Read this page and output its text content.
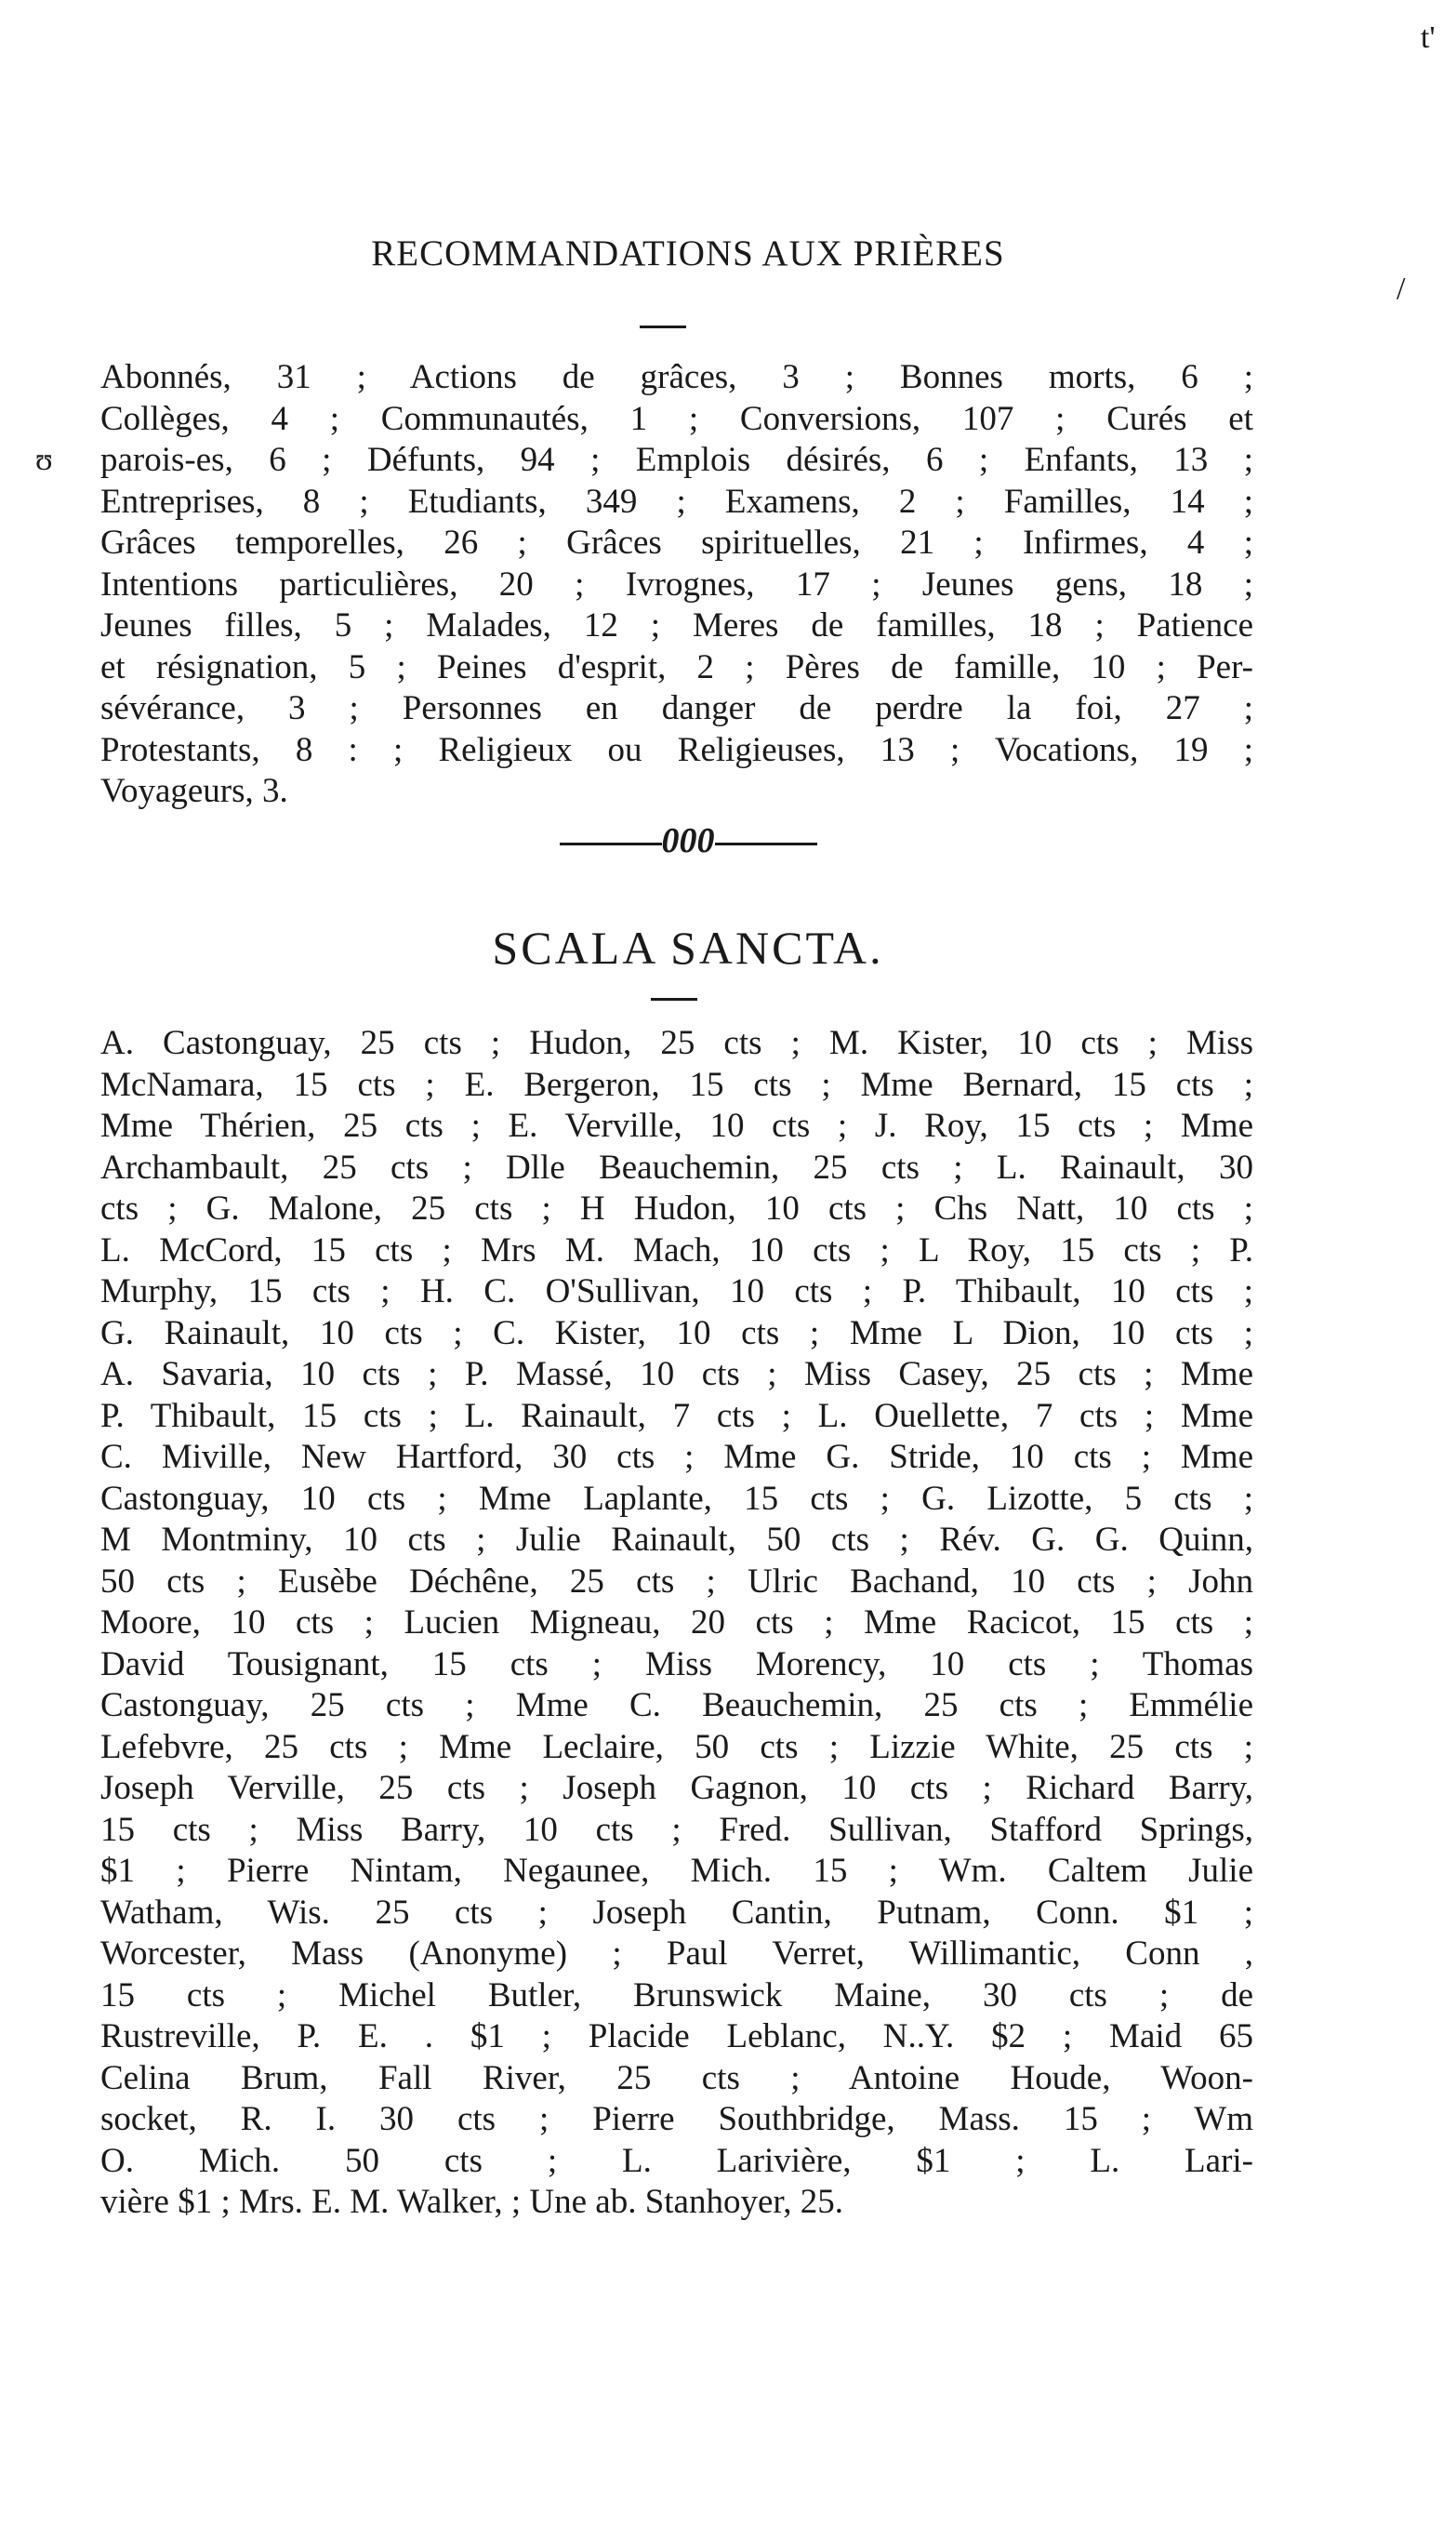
t'
/
ʊ
RECOMMANDATIONS AUX PRIÈRES
Abonnés, 31 ; Actions de grâces, 3 ; Bonnes morts, 6 ;
Collèges, 4 ; Communautés, 1 ; Conversions, 107 ; Curés et
parois-es, 6 ; Défunts, 94 ; Emplois désirés, 6 ; Enfants, 13 ;
Entreprises, 8 ; Etudiants, 349 ; Examens, 2 ; Familles, 14 ;
Grâces temporelles, 26 ; Grâces spirituelles, 21 ; Infirmes, 4 ;
Intentions particulières, 20 ; Ivrognes, 17 ; Jeunes gens, 18 ;
Jeunes filles, 5 ; Malades, 12 ; Meres de familles, 18 ; Patience
et résignation, 5 ; Peines d'esprit, 2 ; Pères de famille, 10 ; Per-
sévérance, 3 ; Personnes en danger de perdre la foi, 27 ;
Protestants, 8 : ; Religieux ou Religieuses, 13 ; Vocations, 19 ;
Voyageurs, 3.
000
SCALA SANCTA.
A. Castonguay, 25 cts ; Hudon, 25 cts ; M. Kister, 10 cts ; Miss
McNamara, 15 cts ; E. Bergeron, 15 cts ; Mme Bernard, 15 cts ;
Mme Thérien, 25 cts ; E. Verville, 10 cts ; J. Roy, 15 cts ; Mme
Archambault, 25 cts ; Dlle Beauchemin, 25 cts ; L. Rainault, 30
cts ; G. Malone, 25 cts ; H Hudon, 10 cts ; Chs Natt, 10 cts ;
L. McCord, 15 cts ; Mrs M. Mach, 10 cts ; L Roy, 15 cts ; P.
Murphy, 15 cts ; H. C. O'Sullivan, 10 cts ; P. Thibault, 10 cts ;
G. Rainault, 10 cts ; C. Kister, 10 cts ; Mme L Dion, 10 cts ;
A. Savaria, 10 cts ; P. Massé, 10 cts ; Miss Casey, 25 cts ; Mme
P. Thibault, 15 cts ; L. Rainault, 7 cts ; L. Ouellette, 7 cts ; Mme
C. Miville, New Hartford, 30 cts ; Mme G. Stride, 10 cts ; Mme
Castonguay, 10 cts ; Mme Laplante, 15 cts ; G. Lizotte, 5 cts ;
M Montminy, 10 cts ; Julie Rainault, 50 cts ; Rév. G. G. Quinn,
50 cts ; Eusèbe Déchêne, 25 cts ; Ulric Bachand, 10 cts ; John
Moore, 10 cts ; Lucien Migneau, 20 cts ; Mme Racicot, 15 cts ;
David Tousignant, 15 cts ; Miss Morency, 10 cts ; Thomas
Castonguay, 25 cts ; Mme C. Beauchemin, 25 cts ; Emmélie
Lefebvre, 25 cts ; Mme Leclaire, 50 cts ; Lizzie White, 25 cts ;
Joseph Verville, 25 cts ; Joseph Gagnon, 10 cts ; Richard Barry,
15 cts ; Miss Barry, 10 cts ; Fred. Sullivan, Stafford Springs,
$1 ; Pierre Nintam, Negaunee, Mich. 15 ; Wm. Caltem Julie
Watham, Wis. 25 cts ; Joseph Cantin, Putnam, Conn. $1 ;
Worcester, Mass (Anonyme) ; Paul Verret, Willimantic, Conn ,
15 cts ; Michel Butler, Brunswick Maine, 30 cts ; de
Rustreville, P. E. . $1 ; Placide Leblanc, N..Y. $2 ; Maid 65
Celina Brum, Fall River, 25 cts ; Antoine Houde, Woon-
socket, R. I. 30 cts ; Pierre Southbridge, Mass. 15 ; Wm
O. Mich. 50 cts ; L. Larivière, $1 ; L. Lari-
vière $1 ; Mrs. E. M. Walker, ; Une ab. Stanhoyer, 25.
